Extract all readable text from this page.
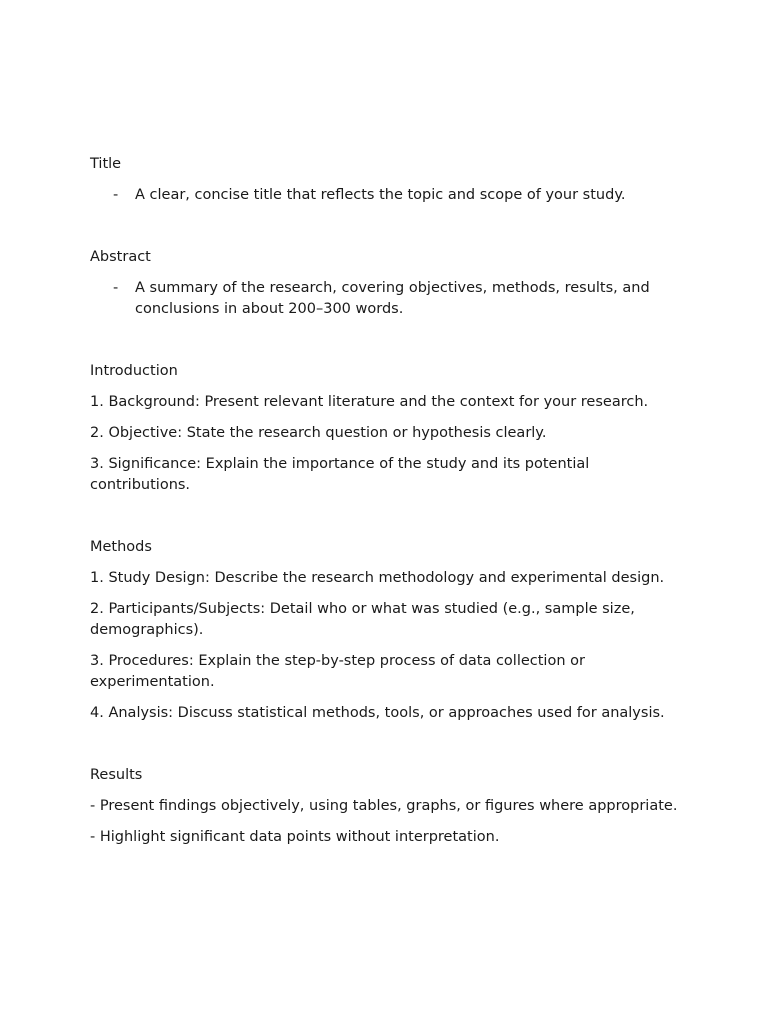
Title
-	A clear, concise title that reflects the topic and scope of your study.
Abstract
-	A summary of the research, covering objectives, methods, results, and conclusions in about 200–300 words.
Introduction
1. Background: Present relevant literature and the context for your research.
2. Objective: State the research question or hypothesis clearly.
3. Significance: Explain the importance of the study and its potential contributions.
Methods
1. Study Design: Describe the research methodology and experimental design.
2. Participants/Subjects: Detail who or what was studied (e.g., sample size, demographics).
3. Procedures: Explain the step-by-step process of data collection or experimentation.
4. Analysis: Discuss statistical methods, tools, or approaches used for analysis.
Results
- Present findings objectively, using tables, graphs, or figures where appropriate.
- Highlight significant data points without interpretation.
